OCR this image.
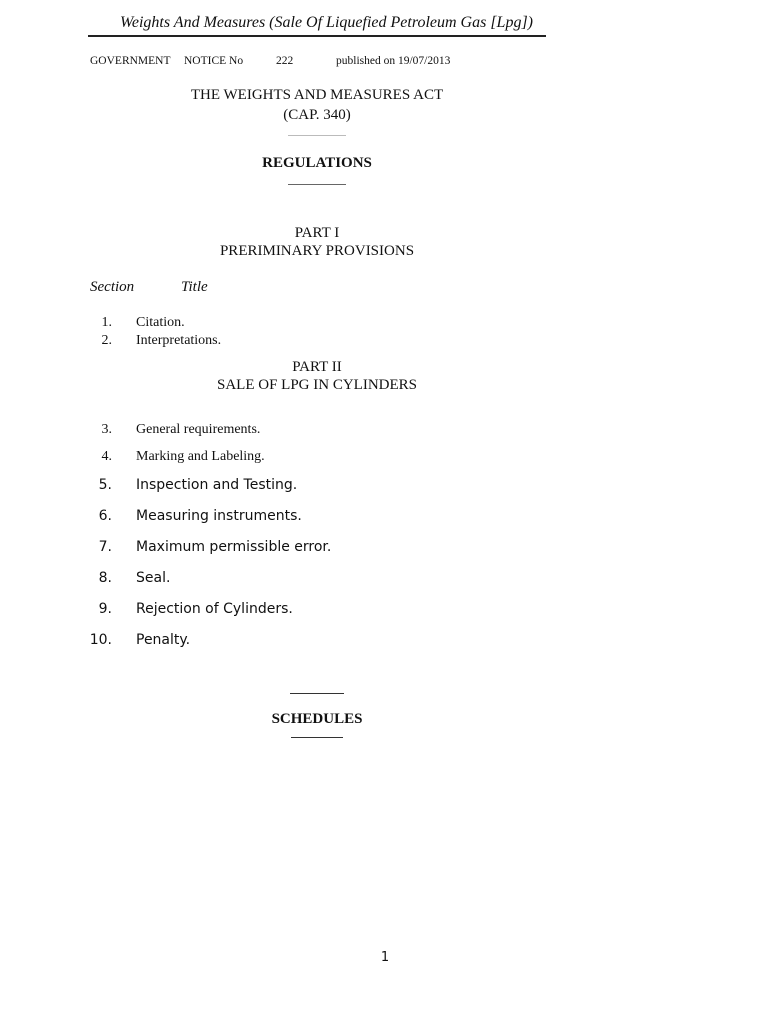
Weights And Measures (Sale Of Liquefied Petroleum Gas [Lpg])
GOVERNMENT NOTICE No	222	published on 19/07/2013
THE WEIGHTS AND MEASURES ACT
(CAP. 340)
REGULATIONS
PART I
PRERIMINARY PROVISIONS
Section	Title
1. Citation.
2. Interpretations.
PART II
SALE OF LPG IN CYLINDERS
3. General requirements.
4. Marking and Labeling.
5. Inspection and Testing.
6. Measuring instruments.
7. Maximum permissible error.
8. Seal.
9. Rejection of Cylinders.
10. Penalty.
SCHEDULES
1
